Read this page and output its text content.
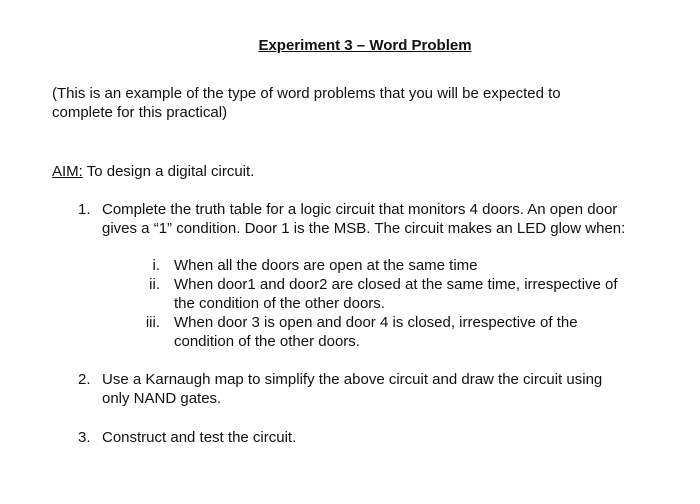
Experiment 3 – Word Problem
(This is an example of the type of word problems that you will be expected to
complete for this practical)
AIM: To design a digital circuit.
1. Complete the truth table for a logic circuit that monitors 4 doors. An open door
gives a “1” condition. Door 1 is the MSB. The circuit makes an LED glow when:
i. When all the doors are open at the same time
ii. When door1 and door2 are closed at the same time, irrespective of
the condition of the other doors.
iii. When door 3 is open and door 4 is closed, irrespective of the
condition of the other doors.
2. Use a Karnaugh map to simplify the above circuit and draw the circuit using
only NAND gates.
3. Construct and test the circuit.
